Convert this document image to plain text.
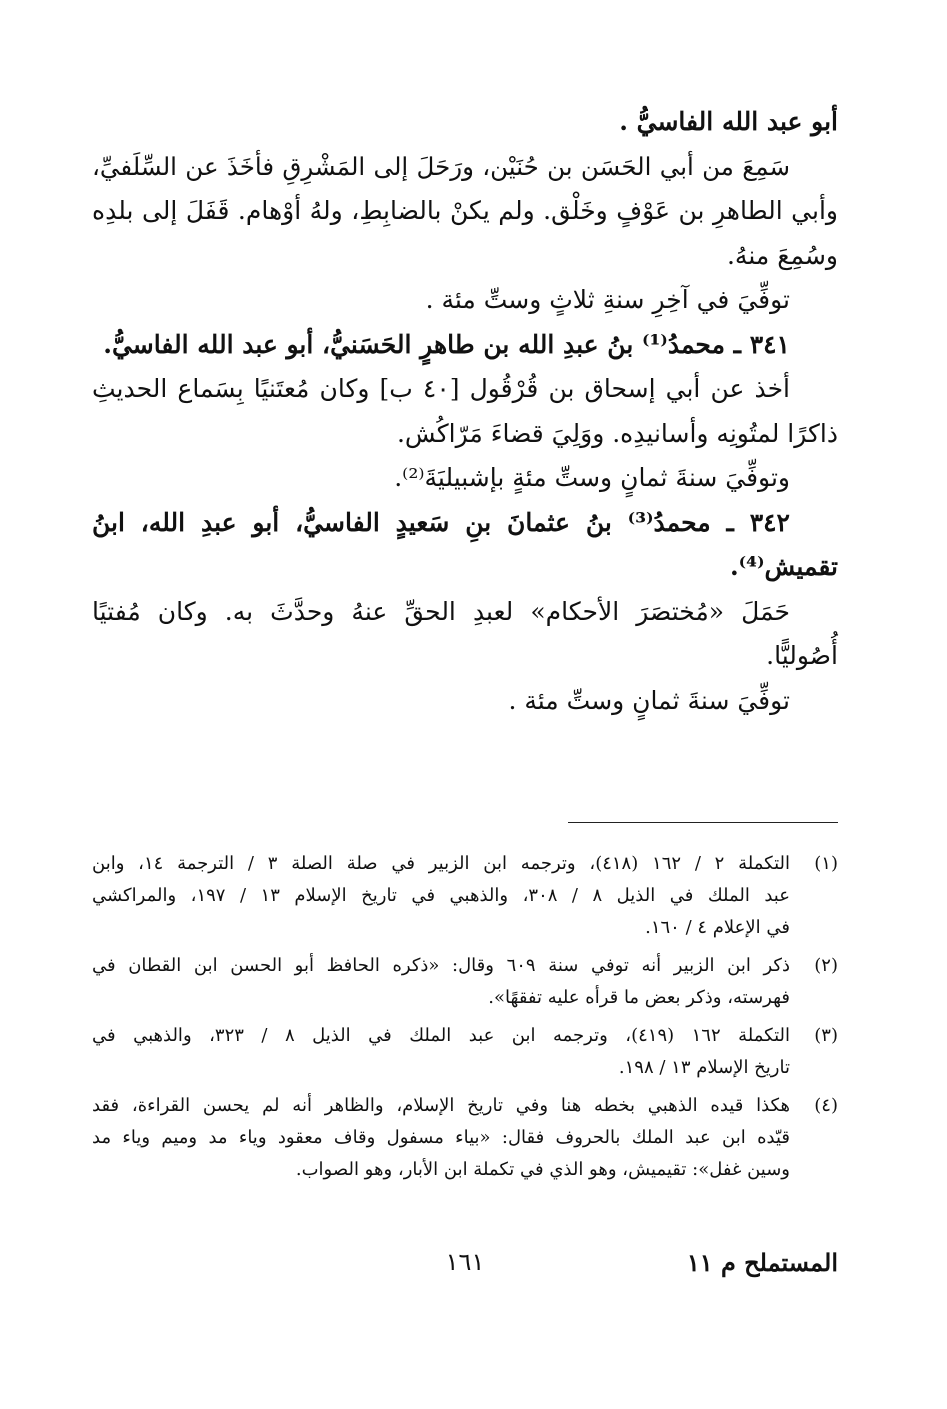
أبو عبد الله الفاسيُّ .
سَمِعَ من أبي الحَسَن بن حُنَيْن، ورَحَلَ إلى المَشْرِقِ فأخَذَ عن السِّلَفيِّ،
وأبي الطاهرِ بن عَوْفٍ وخَلْق. ولم يكنْ بالضابِطِ، ولهُ أوْهام. قَفَلَ إلى بلدِه
وسُمِعَ منهُ.
توفِّيَ في آخِرِ سنةِ ثلاثٍ وستِّ مئة .
٣٤١ ـ محمدُ⁽¹⁾ بنُ عبدِ الله بن طاهرٍ الحَسَنيُّ، أبو عبد الله الفاسيُّ.
أخذ عن أبي إسحاق بن قُرْقُول [٤٠ ب] وكان مُعتَنيًا بِسَماع الحديثِ
ذاكرًا لمتُونِه وأسانيدِه. ووَلِيَ قضاءَ مَرّاكُش.
وتوفِّيَ سنةَ ثمانٍ وستِّ مئةٍ بإشبيليَةَ⁽²⁾.
٣٤٢ ـ محمدُ⁽³⁾ بنُ عثمانَ بنِ سَعيدٍ الفاسيُّ، أبو عبدِ الله، ابنُ
تقميش⁽⁴⁾.
حَمَلَ «مُختصَرَ الأحكام» لعبدِ الحقِّ عنهُ وحدَّثَ به. وكان مُفتيًا
أُصُوليًّا.
توفِّيَ سنةَ ثمانٍ وستِّ مئة .
(١)
التكملة ٢ / ١٦٢ (٤١٨)، وترجمه ابن الزبير في صلة الصلة ٣ / الترجمة ١٤، وابن
عبد الملك في الذيل ٨ / ٣٠٨، والذهبي في تاريخ الإسلام ١٣ / ١٩٧، والمراكشي
في الإعلام ٤ / ١٦٠.
(٢)
ذكر ابن الزبير أنه توفي سنة ٦٠٩ وقال: «ذكره الحافظ أبو الحسن ابن القطان في
فهرسته، وذكر بعض ما قرأه عليه تفقهًا».
(٣)
التكملة ١٦٢ (٤١٩)، وترجمه ابن عبد الملك في الذيل ٨ / ٣٢٣، والذهبي في
تاريخ الإسلام ١٣ / ١٩٨.
(٤)
هكذا قيده الذهبي بخطه هنا وفي تاريخ الإسلام، والظاهر أنه لم يحسن القراءة، فقد
قيّده ابن عبد الملك بالحروف فقال: «بياء مسفول وقاف معقود وياء مد وميم وياء مد
وسين غفل»: تقيميش، وهو الذي في تكملة ابن الأبار، وهو الصواب.
المستملح م ١١
١٦١
